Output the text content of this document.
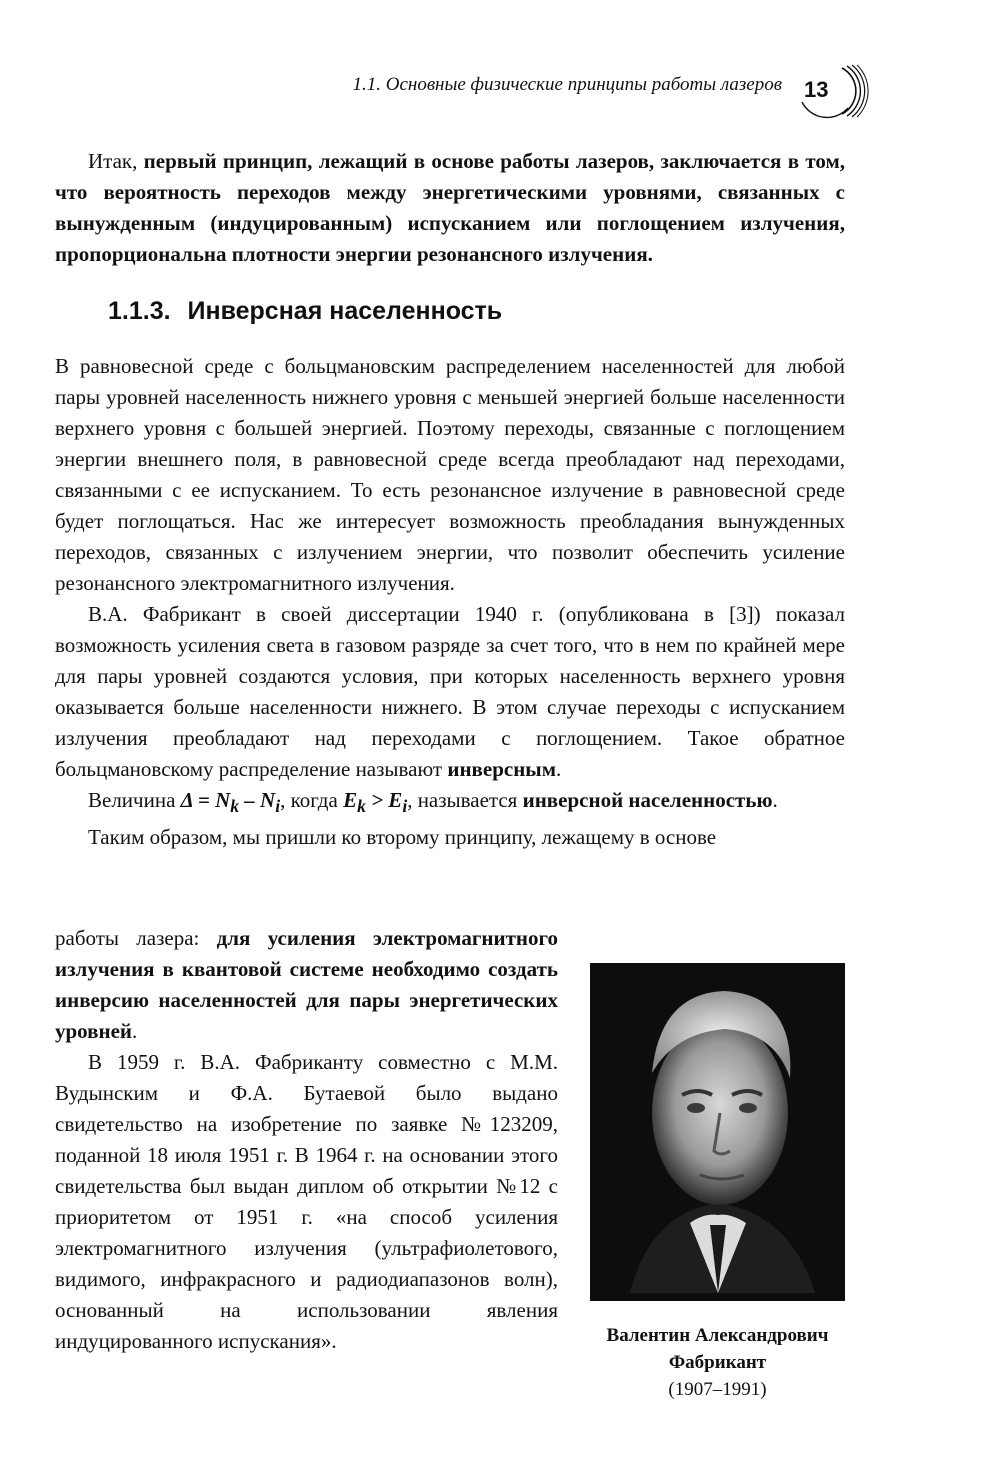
1.1. Основные физические принципы работы лазеров 13
Итак, первый принцип, лежащий в основе работы лазеров, заключается в том, что вероятность переходов между энергетическими уровнями, связанных с вынужденным (индуцированным) испусканием или поглощением излучения, пропорциональна плотности энергии резонансного излучения.
1.1.3. Инверсная населенность

В равновесной среде с больцмановским распределением населенностей для любой пары уровней населенность нижнего уровня с меньшей энергией больше населенности верхнего уровня с большей энергией. Поэтому переходы, связанные с поглощением энергии внешнего поля, в равновесной среде всегда преобладают над переходами, связанными с ее испусканием. То есть резонансное излучение в равновесной среде будет поглощаться. Нас же интересует возможность преобладания вынужденных переходов, связанных с излучением энергии, что позволит обеспечить усиление резонансного электромагнитного излучения.

В.А. Фабрикант в своей диссертации 1940 г. (опубликована в [3]) показал возможность усиления света в газовом разряде за счет того, что в нем по крайней мере для пары уровней создаются условия, при которых населенность верхнего уровня оказывается больше населенности нижнего. В этом случае переходы с испусканием излучения преобладают над переходами с поглощением. Такое обратное больцмановскому распределение называют инверсным.

Величина $\Delta = N_k - N_i$, когда $E_k > E_i$, называется инверсной населенностью.

Таким образом, мы пришли ко второму принципу, лежащему в основе

работы лазера: для усиления электромагнитного излучения в квантовой системе необходимо создать инверсию населенностей для пары энергетических уровней.

В 1959 г. В.А. Фабриканту совместно с М.М. Вудынским и Ф.А. Бутаевой было выдано свидетельство на изобретение по заявке №123209, поданной 18 июля 1951 г. В 1964 г. на основании этого свидетельства был выдан диплом об открытии №12 с приоритетом от 1951 г. «на способ усиления электромагнитного излучения (ультрафиолетового, видимого, инфракрасного и радиодиапазонов волн), основанный на использовании явления индуцированного испускания».	Валентин Александрович
Фабрикант
(1907–1991)
